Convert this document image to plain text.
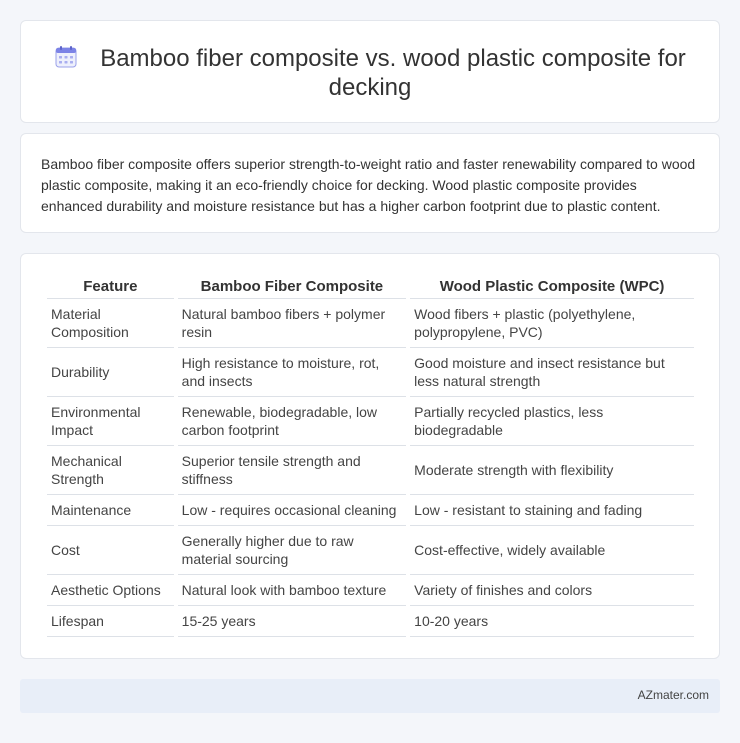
Bamboo fiber composite vs. wood plastic composite for decking

Bamboo fiber composite offers superior strength-to-weight ratio and faster renewability compared to wood plastic composite, making it an eco-friendly choice for decking. Wood plastic composite provides enhanced durability and moisture resistance but has a higher carbon footprint due to plastic content.

Feature	Bamboo Fiber Composite	Wood Plastic Composite (WPC)
Material Composition	Natural bamboo fibers + polymer resin	Wood fibers + plastic (polyethylene, polypropylene, PVC)
Durability	High resistance to moisture, rot, and insects	Good moisture and insect resistance but less natural strength
Environmental Impact	Renewable, biodegradable, low carbon footprint	Partially recycled plastics, less biodegradable
Mechanical Strength	Superior tensile strength and stiffness	Moderate strength with flexibility
Maintenance	Low - requires occasional cleaning	Low - resistant to staining and fading
Cost	Generally higher due to raw material sourcing	Cost-effective, widely available
Aesthetic Options	Natural look with bamboo texture	Variety of finishes and colors
Lifespan	15-25 years	10-20 years
AZmater.com
